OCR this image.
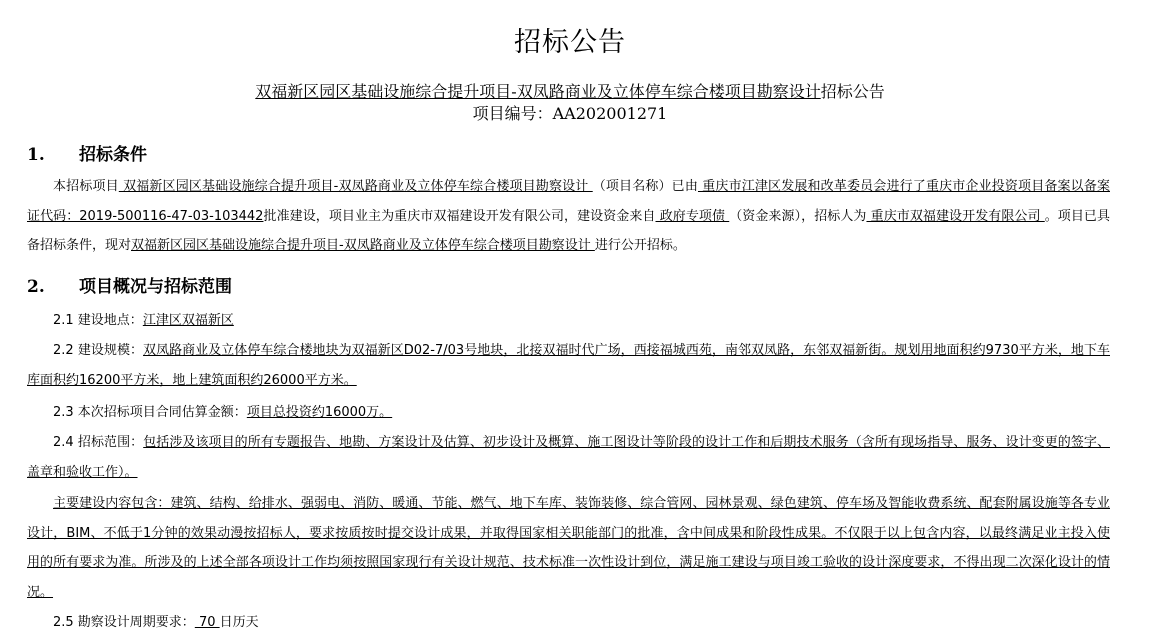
招标公告
双福新区园区基础设施综合提升项目-双凤路商业及立体停车综合楼项目勘察设计招标公告
项目编号：AA202001271
1. 招标条件
本招标项目 双福新区园区基础设施综合提升项目-双凤路商业及立体停车综合楼项目勘察设计 （项目名称）已由 重庆市江津区发展和改革委员会进行了重庆市企业投资项目备案以备案证代码：2019-500116-47-03-103442批准建设，项目业主为重庆市双福建设开发有限公司，建设资金来自 政府专项债 （资金来源），招标人为 重庆市双福建设开发有限公司 。项目已具备招标条件，现对双福新区园区基础设施综合提升项目-双凤路商业及立体停车综合楼项目勘察设计 进行公开招标。
2. 项目概况与招标范围
2.1 建设地点：江津区双福新区
2.2 建设规模：双凤路商业及立体停车综合楼地块为双福新区D02-7/03号地块，北接双福时代广场，西接福城西苑，南邻双凤路，东邻双福新街。规划用地面积约9730平方米，地下车库面积约16200平方米，地上建筑面积约26000平方米。
2.3 本次招标项目合同估算金额：项目总投资约16000万。
2.4 招标范围：包括涉及该项目的所有专题报告、地勘、方案设计及估算、初步设计及概算、施工图设计等阶段的设计工作和后期技术服务（含所有现场指导、服务、设计变更的签字、盖章和验收工作）。
主要建设内容包含：建筑、结构、给排水、强弱电、消防、暖通、节能、燃气、地下车库、装饰装修、综合管网、园林景观、绿色建筑、停车场及智能收费系统、配套附属设施等各专业设计，BIM、不低于1分钟的效果动漫按招标人，要求按质按时提交设计成果，并取得国家相关职能部门的批准，含中间成果和阶段性成果。不仅限于以上包含内容，以最终满足业主投入使用的所有要求为准。所涉及的上述全部各项设计工作均须按照国家现行有关设计规范、技术标准一次性设计到位，满足施工建设与项目竣工验收的设计深度要求，不得出现二次深化设计的情况。
2.5 勘察设计周期要求： 70 日历天
